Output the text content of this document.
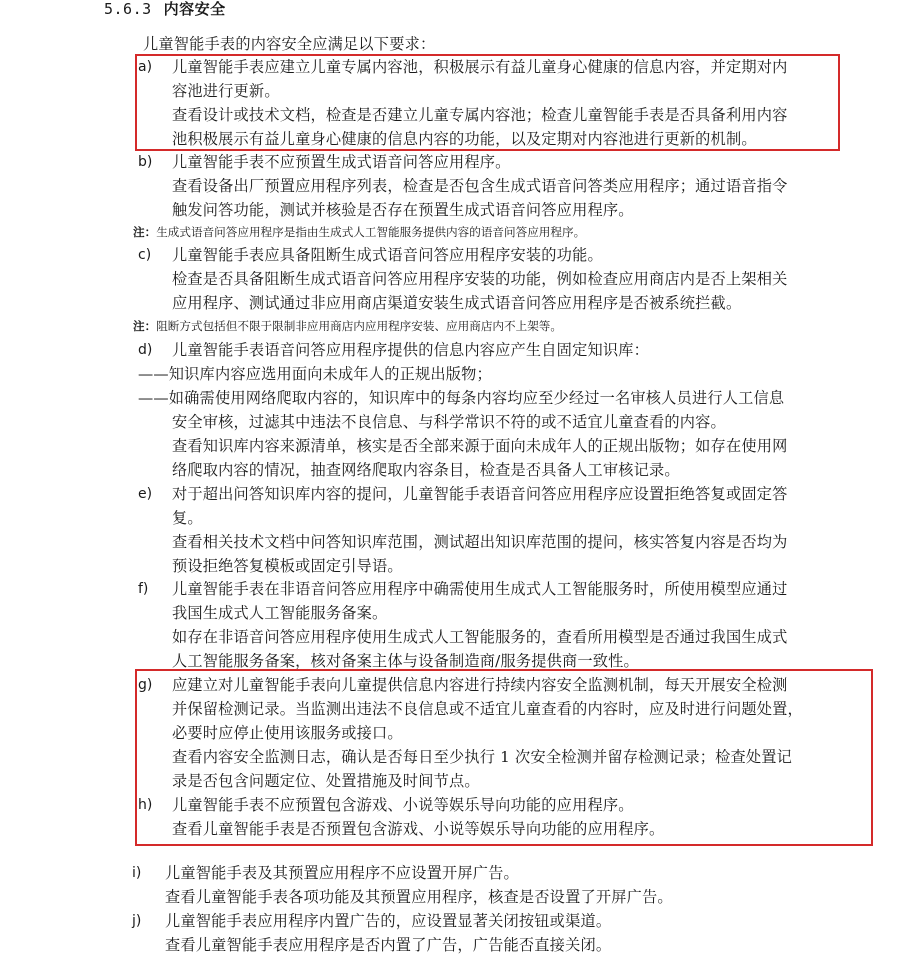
5.6.3 内容安全
儿童智能手表的内容安全应满足以下要求：
a) 儿童智能手表应建立儿童专属内容池，积极展示有益儿童身心健康的信息内容，并定期对内
容池进行更新。
查看设计或技术文档，检查是否建立儿童专属内容池；检查儿童智能手表是否具备利用内容
池积极展示有益儿童身心健康的信息内容的功能，以及定期对内容池进行更新的机制。
b) 儿童智能手表不应预置生成式语音问答应用程序。
查看设备出厂预置应用程序列表，检查是否包含生成式语音问答类应用程序；通过语音指令
触发问答功能，测试并核验是否存在预置生成式语音问答应用程序。
注：生成式语音问答应用程序是指由生成式人工智能服务提供内容的语音问答应用程序。
c) 儿童智能手表应具备阻断生成式语音问答应用程序安装的功能。
检查是否具备阻断生成式语音问答应用程序安装的功能，例如检查应用商店内是否上架相关
应用程序、测试通过非应用商店渠道安装生成式语音问答应用程序是否被系统拦截。
注：阻断方式包括但不限于限制非应用商店内应用程序安装、应用商店内不上架等。
d) 儿童智能手表语音问答应用程序提供的信息内容应产生自固定知识库：
——知识库内容应选用面向未成年人的正规出版物；
——如确需使用网络爬取内容的，知识库中的每条内容均应至少经过一名审核人员进行人工信息
安全审核，过滤其中违法不良信息、与科学常识不符的或不适宜儿童查看的内容。
查看知识库内容来源清单，核实是否全部来源于面向未成年人的正规出版物；如存在使用网
络爬取内容的情况，抽查网络爬取内容条目，检查是否具备人工审核记录。
e) 对于超出问答知识库内容的提问，儿童智能手表语音问答应用程序应设置拒绝答复或固定答
复。
查看相关技术文档中问答知识库范围，测试超出知识库范围的提问，核实答复内容是否均为
预设拒绝答复模板或固定引导语。
f) 儿童智能手表在非语音问答应用程序中确需使用生成式人工智能服务时，所使用模型应通过
我国生成式人工智能服务备案。
如存在非语音问答应用程序使用生成式人工智能服务的，查看所用模型是否通过我国生成式
人工智能服务备案，核对备案主体与设备制造商/服务提供商一致性。
g) 应建立对儿童智能手表向儿童提供信息内容进行持续内容安全监测机制，每天开展安全检测
并保留检测记录。当监测出违法不良信息或不适宜儿童查看的内容时，应及时进行问题处置，
必要时应停止使用该服务或接口。
查看内容安全监测日志，确认是否每日至少执行 1 次安全检测并留存检测记录；检查处置记
录是否包含问题定位、处置措施及时间节点。
h) 儿童智能手表不应预置包含游戏、小说等娱乐导向功能的应用程序。
查看儿童智能手表是否预置包含游戏、小说等娱乐导向功能的应用程序。
i) 儿童智能手表及其预置应用程序不应设置开屏广告。
查看儿童智能手表各项功能及其预置应用程序，核查是否设置了开屏广告。
j) 儿童智能手表应用程序内置广告的，应设置显著关闭按钮或渠道。
查看儿童智能手表应用程序是否内置了广告，广告能否直接关闭。
